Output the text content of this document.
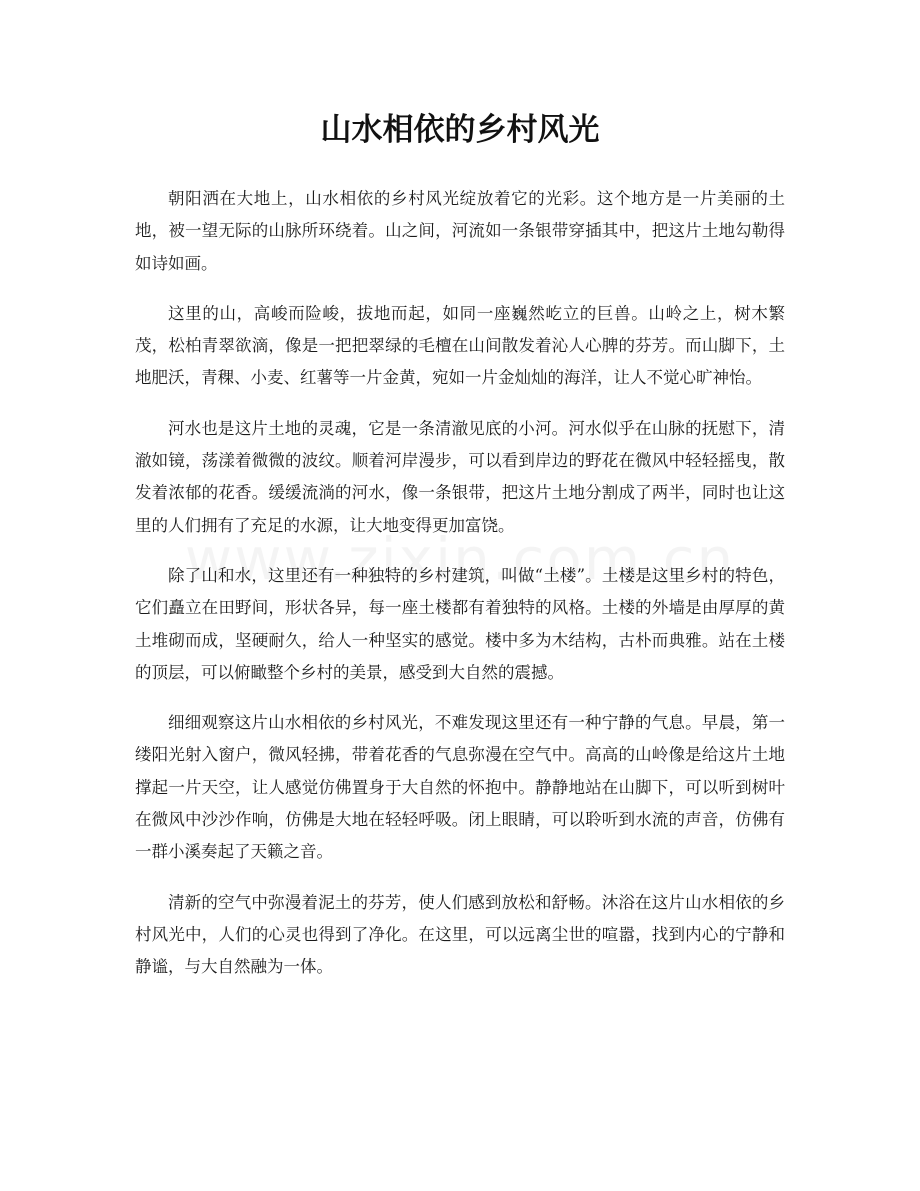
山水相依的乡村风光

朝阳洒在大地上，山水相依的乡村风光绽放着它的光彩。这个地方是一片美丽的土地，被一望无际的山脉所环绕着。山之间，河流如一条银带穿插其中，把这片土地勾勒得如诗如画。

这里的山，高峻而险峻，拔地而起，如同一座巍然屹立的巨兽。山岭之上，树木繁茂，松柏青翠欲滴，像是一把把翠绿的毛檀在山间散发着沁人心脾的芬芳。而山脚下，土地肥沃，青稞、小麦、红薯等一片金黄，宛如一片金灿灿的海洋，让人不觉心旷神怡。

河水也是这片土地的灵魂，它是一条清澈见底的小河。河水似乎在山脉的抚慰下，清澈如镜，荡漾着微微的波纹。顺着河岸漫步，可以看到岸边的野花在微风中轻轻摇曳，散发着浓郁的花香。缓缓流淌的河水，像一条银带，把这片土地分割成了两半，同时也让这里的人们拥有了充足的水源，让大地变得更加富饶。

除了山和水，这里还有一种独特的乡村建筑，叫做“土楼”。土楼是这里乡村的特色，它们矗立在田野间，形状各异，每一座土楼都有着独特的风格。土楼的外墙是由厚厚的黄土堆砌而成，坚硬耐久，给人一种坚实的感觉。楼中多为木结构，古朴而典雅。站在土楼的顶层，可以俯瞰整个乡村的美景，感受到大自然的震撼。

细细观察这片山水相依的乡村风光，不难发现这里还有一种宁静的气息。早晨，第一缕阳光射入窗户，微风轻拂，带着花香的气息弥漫在空气中。高高的山岭像是给这片土地撑起一片天空，让人感觉仿佛置身于大自然的怀抱中。静静地站在山脚下，可以听到树叶在微风中沙沙作响，仿佛是大地在轻轻呼吸。闭上眼睛，可以聆听到水流的声音，仿佛有一群小溪奏起了天籁之音。

清新的空气中弥漫着泥土的芬芳，使人们感到放松和舒畅。沐浴在这片山水相依的乡村风光中，人们的心灵也得到了净化。在这里，可以远离尘世的喧嚣，找到内心的宁静和静谧，与大自然融为一体。
